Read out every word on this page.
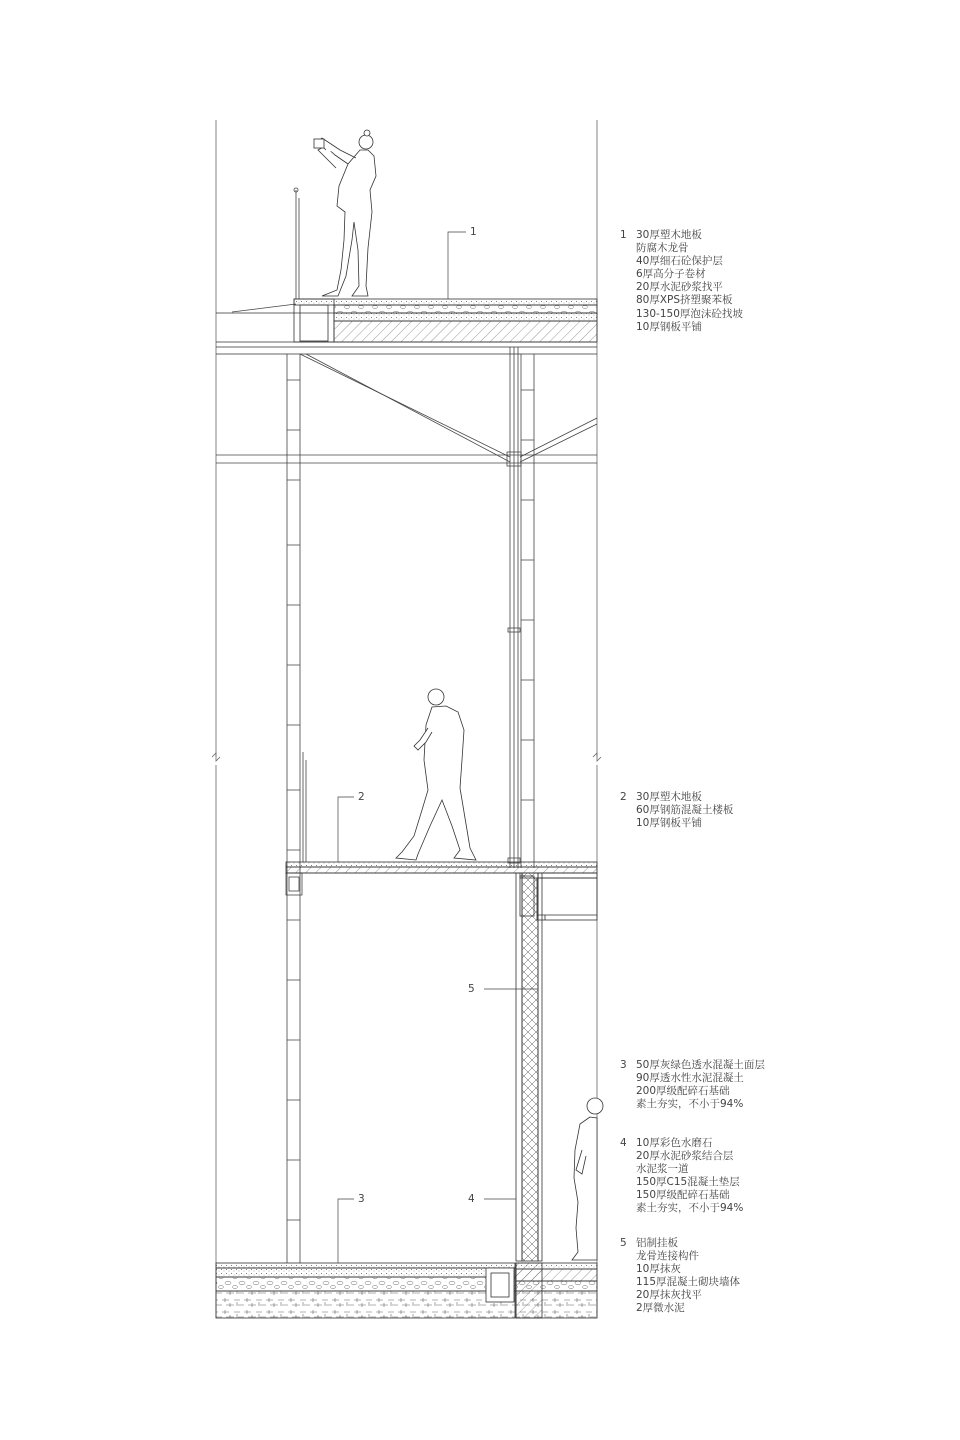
1
2
3	4
5
1 30厚塑木地板
防腐木龙骨
40厚细石砼保护层
6厚高分子卷材
20厚水泥砂浆找平
80厚XPS挤塑聚苯板
130-150厚泡沫砼找坡
10厚钢板平铺
2 30厚塑木地板
60厚钢筋混凝土楼板
10厚钢板平铺
3 50厚灰绿色透水混凝土面层
90厚透水性水泥混凝土
200厚级配碎石基础
素土夯实，不小于94%
4 10厚彩色水磨石
20厚水泥砂浆结合层
水泥浆一道
150厚C15混凝土垫层
150厚级配碎石基础
素土夯实，不小于94%
5 铝制挂板
龙骨连接构件
10厚抹灰
115厚混凝土砌块墙体
20厚抹灰找平
2厚微水泥
